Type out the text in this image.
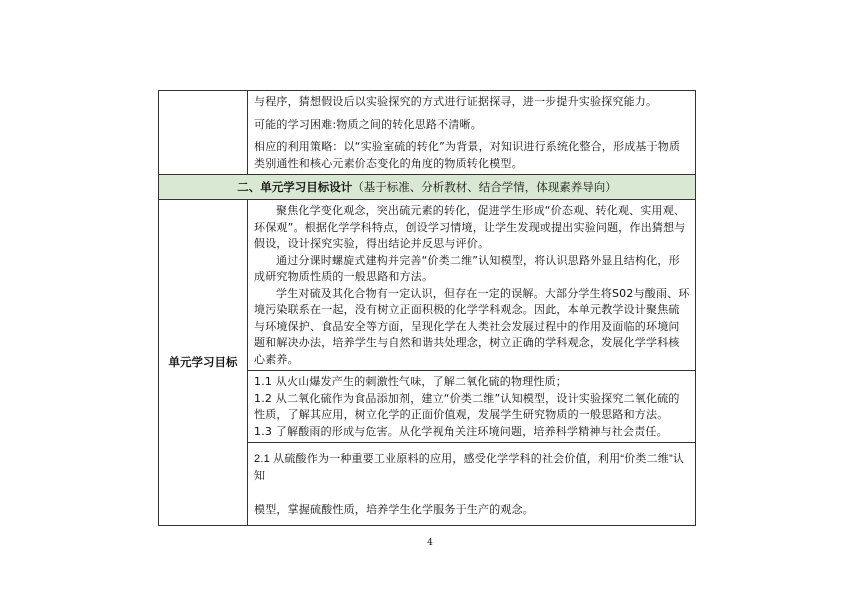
	与程序，猜想假设后以实验探究的方式进行证据探寻，进一步提升实验探究能力。

可能的学习困难:物质之间的转化思路不清晰。

相应的利用策略：以“实验室硫的转化”为背景，对知识进行系统化整合，形成基于物质类别通性和核心元素价态变化的角度的物质转化模型。

二、单元学习目标设计（基于标准、分析教材、结合学情，体现素养导向）	
单元学习目标	聚焦化学变化观念，突出硫元素的转化，促进学生形成“价态观、转化观、实用观、环保观”。根据化学学科特点，创设学习情境，让学生发现或提出实验问题，作出猜想与假设，设计探究实验，得出结论并反思与评价。

通过分课时螺旋式建构并完善“价类二维”认知模型，将认识思路外显且结构化，形成研究物质性质的一般思路和方法。

学生对硫及其化合物有一定认识，但存在一定的误解。大部分学生将S02与酸雨、环境污染联系在一起，没有树立正面积极的化学学科观念。因此，本单元教学设计聚焦硫与环境保护、食品安全等方面，呈现化学在人类社会发展过程中的作用及面临的环境问题和解决办法，培养学生与自然和谐共处理念，树立正确的学科观念，发展化学学科核心素养。

	1.1 从火山爆发产生的刺激性气味，了解二氧化硫的物理性质；

1.2 从二氧化硫作为食品添加剂，建立“价类二维”认知模型，设计实验探究二氧化硫的性质，了解其应用，树立化学的正面价值观，发展学生研究物质的一般思路和方法。

1.3 了解酸雨的形成与危害。从化学视角关注环境问题，培养科学精神与社会责任。

	2.1 从硫酸作为一种重要工业原料的应用，感受化学学科的社会价值，利用“价类二维”认知

模型，掌握硫酸性质，培养学生化学服务于生产的观念。

4
